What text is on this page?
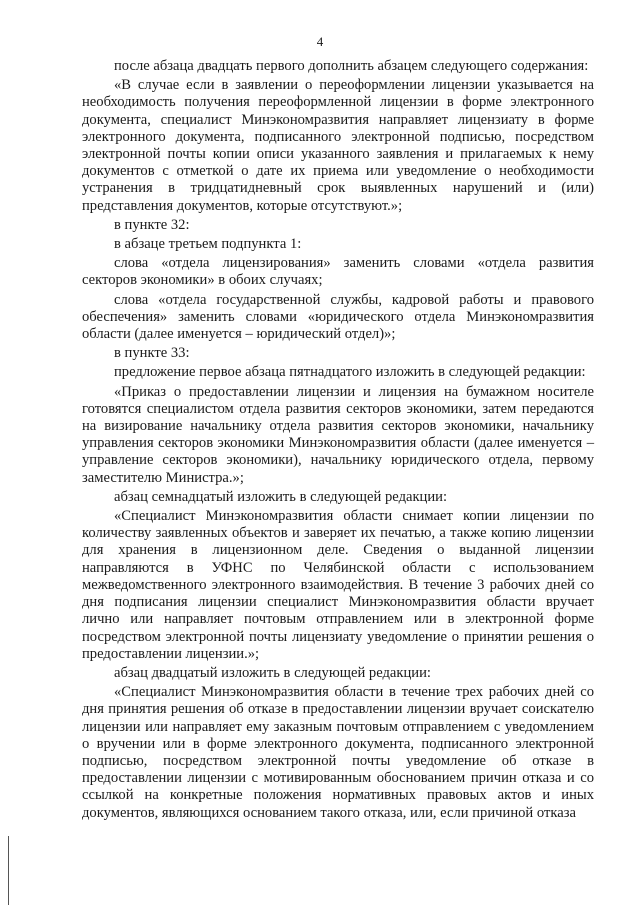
4

после абзаца двадцать первого дополнить абзацем следующего содержания:

«В случае если в заявлении о переоформлении лицензии указывается на необходимость получения переоформленной лицензии в форме электронного документа, специалист Минэкономразвития направляет лицензиату в форме электронного документа, подписанного электронной подписью, посредством электронной почты копии описи указанного заявления и прилагаемых к нему документов с отметкой о дате их приема или уведомление о необходимости устранения в тридцатидневный срок выявленных нарушений и (или) представления документов, которые отсутствуют.»;

в пункте 32:

в абзаце третьем подпункта 1:

слова «отдела лицензирования» заменить словами «отдела развития секторов экономики» в обоих случаях;

слова «отдела государственной службы, кадровой работы и правового обеспечения» заменить словами «юридического отдела Минэкономразвития области (далее именуется – юридический отдел)»;

в пункте 33:

предложение первое абзаца пятнадцатого изложить в следующей редакции:

«Приказ о предоставлении лицензии и лицензия на бумажном носителе готовятся специалистом отдела развития секторов экономики, затем передаются на визирование начальнику отдела развития секторов экономики, начальнику управления секторов экономики Минэкономразвития области (далее именуется – управление секторов экономики), начальнику юридического отдела, первому заместителю Министра.»;

абзац семнадцатый изложить в следующей редакции:

«Специалист Минэкономразвития области снимает копии лицензии по количеству заявленных объектов и заверяет их печатью, а также копию лицензии для хранения в лицензионном деле. Сведения о выданной лицензии направляются в УФНС по Челябинской области с использованием межведомственного электронного взаимодействия. В течение 3 рабочих дней со дня подписания лицензии специалист Минэкономразвития области вручает лично или направляет почтовым отправлением или в электронной форме посредством электронной почты лицензиату уведомление о принятии решения о предоставлении лицензии.»;

абзац двадцатый изложить в следующей редакции:

«Специалист Минэкономразвития области в течение трех рабочих дней со дня принятия решения об отказе в предоставлении лицензии вручает соискателю лицензии или направляет ему заказным почтовым отправлением с уведомлением о вручении или в форме электронного документа, подписанного электронной подписью, посредством электронной почты уведомление об отказе в предоставлении лицензии с мотивированным обоснованием причин отказа и со ссылкой на конкретные положения нормативных правовых актов и иных документов, являющихся основанием такого отказа, или, если причиной отказа
